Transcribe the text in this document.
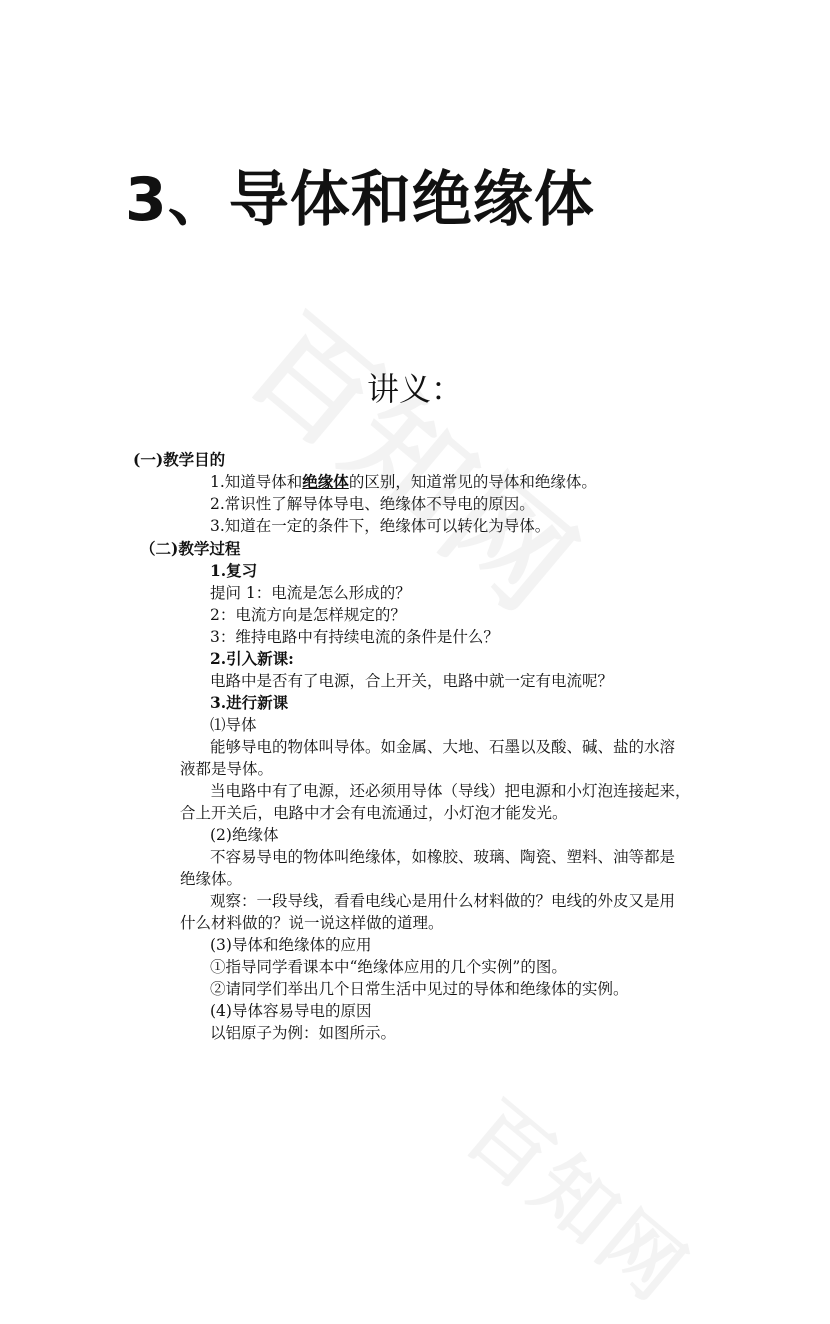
3、导体和绝缘体
讲义：

(一)教学目的

1.知道导体和绝缘体的区别，知道常见的导体和绝缘体。

2.常识性了解导体导电、绝缘体不导电的原因。

3.知道在一定的条件下，绝缘体可以转化为导体。

（二)教学过程

1.复习

提问 1：电流是怎么形成的？

2：电流方向是怎样规定的？

3：维持电路中有持续电流的条件是什么？

2.引入新课:

电路中是否有了电源，合上开关，电路中就一定有电流呢？

3.进行新课

⑴导体

能够导电的物体叫导体。如金属、大地、石墨以及酸、碱、盐的水溶

液都是导体。

当电路中有了电源，还必须用导体（导线）把电源和小灯泡连接起来，

合上开关后，电路中才会有电流通过，小灯泡才能发光。

(2)绝缘体

不容易导电的物体叫绝缘体，如橡胶、玻璃、陶瓷、塑料、油等都是

绝缘体。

观察：一段导线，看看电线心是用什么材料做的？电线的外皮又是用

什么材料做的？说一说这样做的道理。

(3)导体和绝缘体的应用

①指导同学看课本中“绝缘体应用的几个实例”的图。

②请同学们举出几个日常生活中见过的导体和绝缘体的实例。

(4)导体容易导电的原因

以铝原子为例：如图所示。
